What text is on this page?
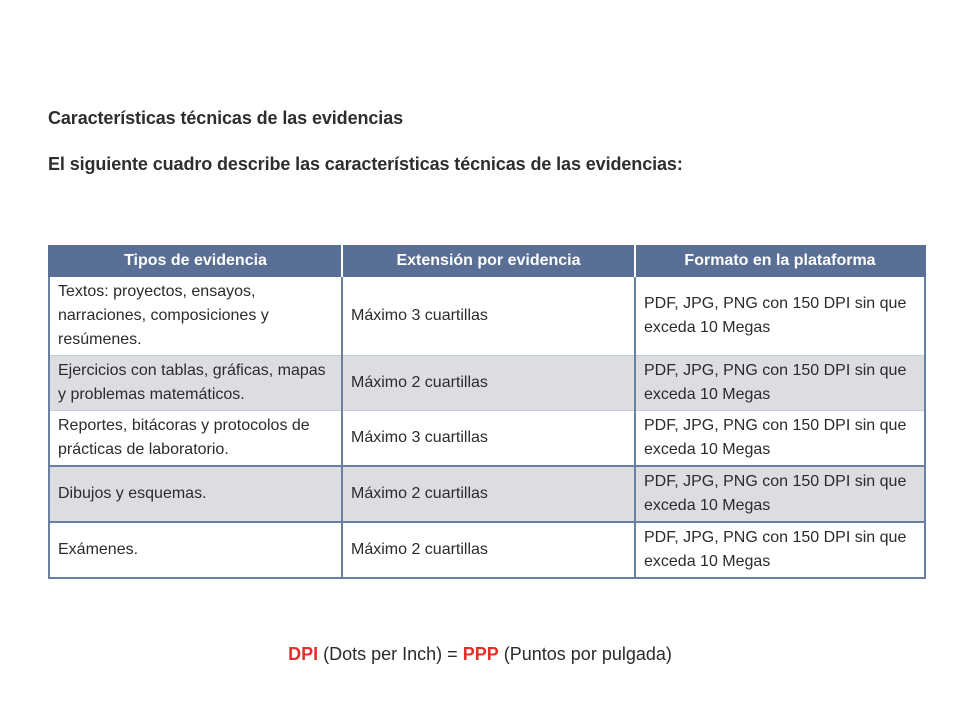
Características técnicas de las evidencias
El siguiente cuadro describe las características técnicas de las evidencias:
Tipos de evidencia	Extensión por evidencia	Formato en la plataforma
Textos: proyectos, ensayos, narraciones, composiciones y resúmenes.	Máximo 3 cuartillas	PDF, JPG, PNG con 150 DPI sin que exceda 10 Megas
Ejercicios con tablas, gráficas, mapas y problemas matemáticos.	Máximo 2 cuartillas	PDF, JPG, PNG con 150 DPI sin que exceda 10 Megas
Reportes, bitácoras y protocolos de prácticas de laboratorio.	Máximo 3 cuartillas	PDF, JPG, PNG con 150 DPI sin que exceda 10 Megas
Dibujos y esquemas.	Máximo 2 cuartillas	PDF, JPG, PNG con 150 DPI sin que exceda 10 Megas
Exámenes.	Máximo 2 cuartillas	PDF, JPG, PNG con 150 DPI sin que exceda 10 Megas
DPI (Dots per Inch) = PPP (Puntos por pulgada)
